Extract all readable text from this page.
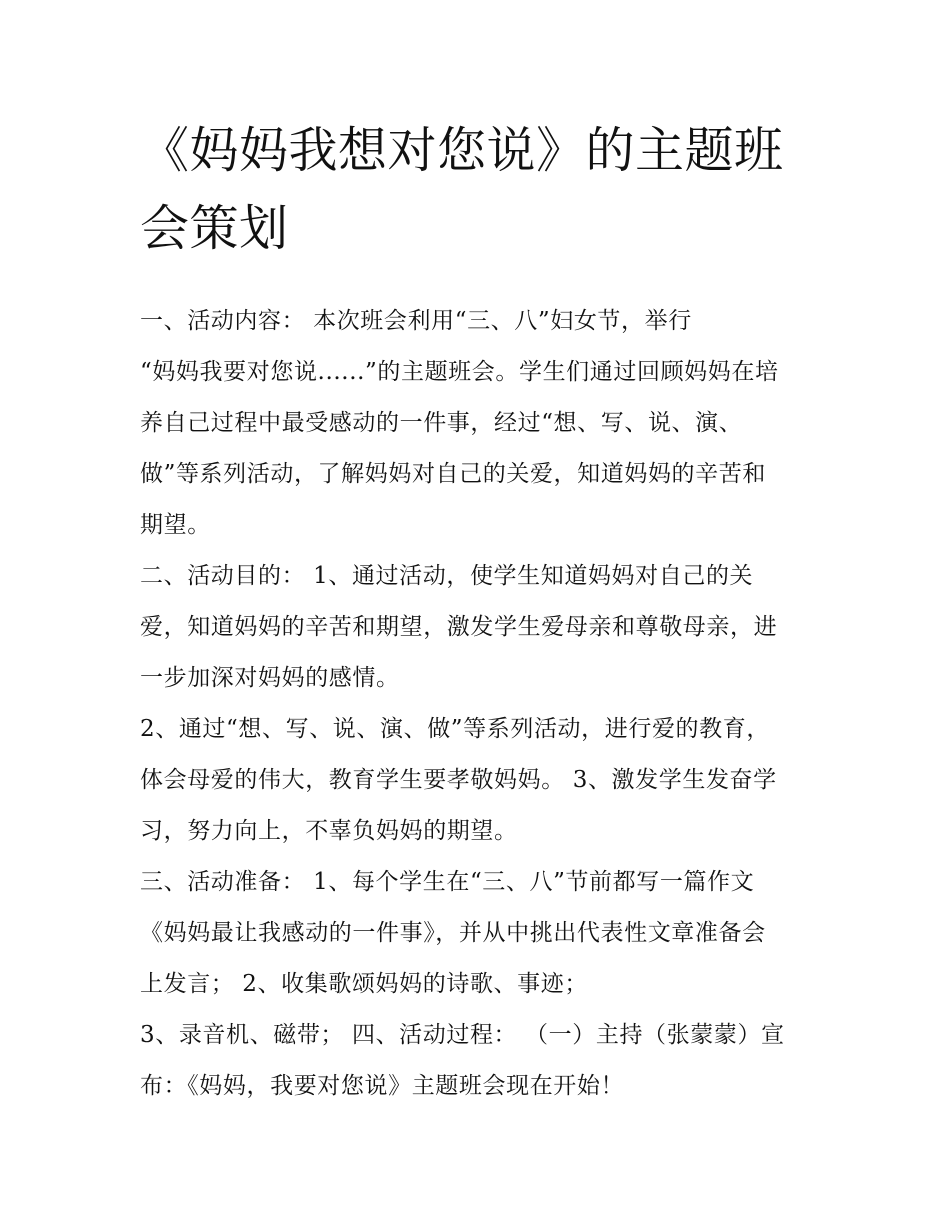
《妈妈我想对您说》的主题班
会策划
一、活动内容： 本次班会利用“三、八”妇女节，举行
“妈妈我要对您说......”的主题班会。学生们通过回顾妈妈在培
养自己过程中最受感动的一件事，经过“想、写、说、演、
做”等系列活动，了解妈妈对自己的关爱，知道妈妈的辛苦和
期望。
二、活动目的： 1、通过活动，使学生知道妈妈对自己的关
爱，知道妈妈的辛苦和期望，激发学生爱母亲和尊敬母亲，进
一步加深对妈妈的感情。
2、通过“想、写、说、演、做”等系列活动，进行爱的教育，
体会母爱的伟大，教育学生要孝敬妈妈。 3、激发学生发奋学
习，努力向上，不辜负妈妈的期望。
三、活动准备： 1、每个学生在“三、八”节前都写一篇作文
《妈妈最让我感动的一件事》，并从中挑出代表性文章准备会
上发言； 2、收集歌颂妈妈的诗歌、事迹；
3、录音机、磁带； 四、活动过程： （一）主持（张蒙蒙）宣
布：《妈妈，我要对您说》主题班会现在开始！
